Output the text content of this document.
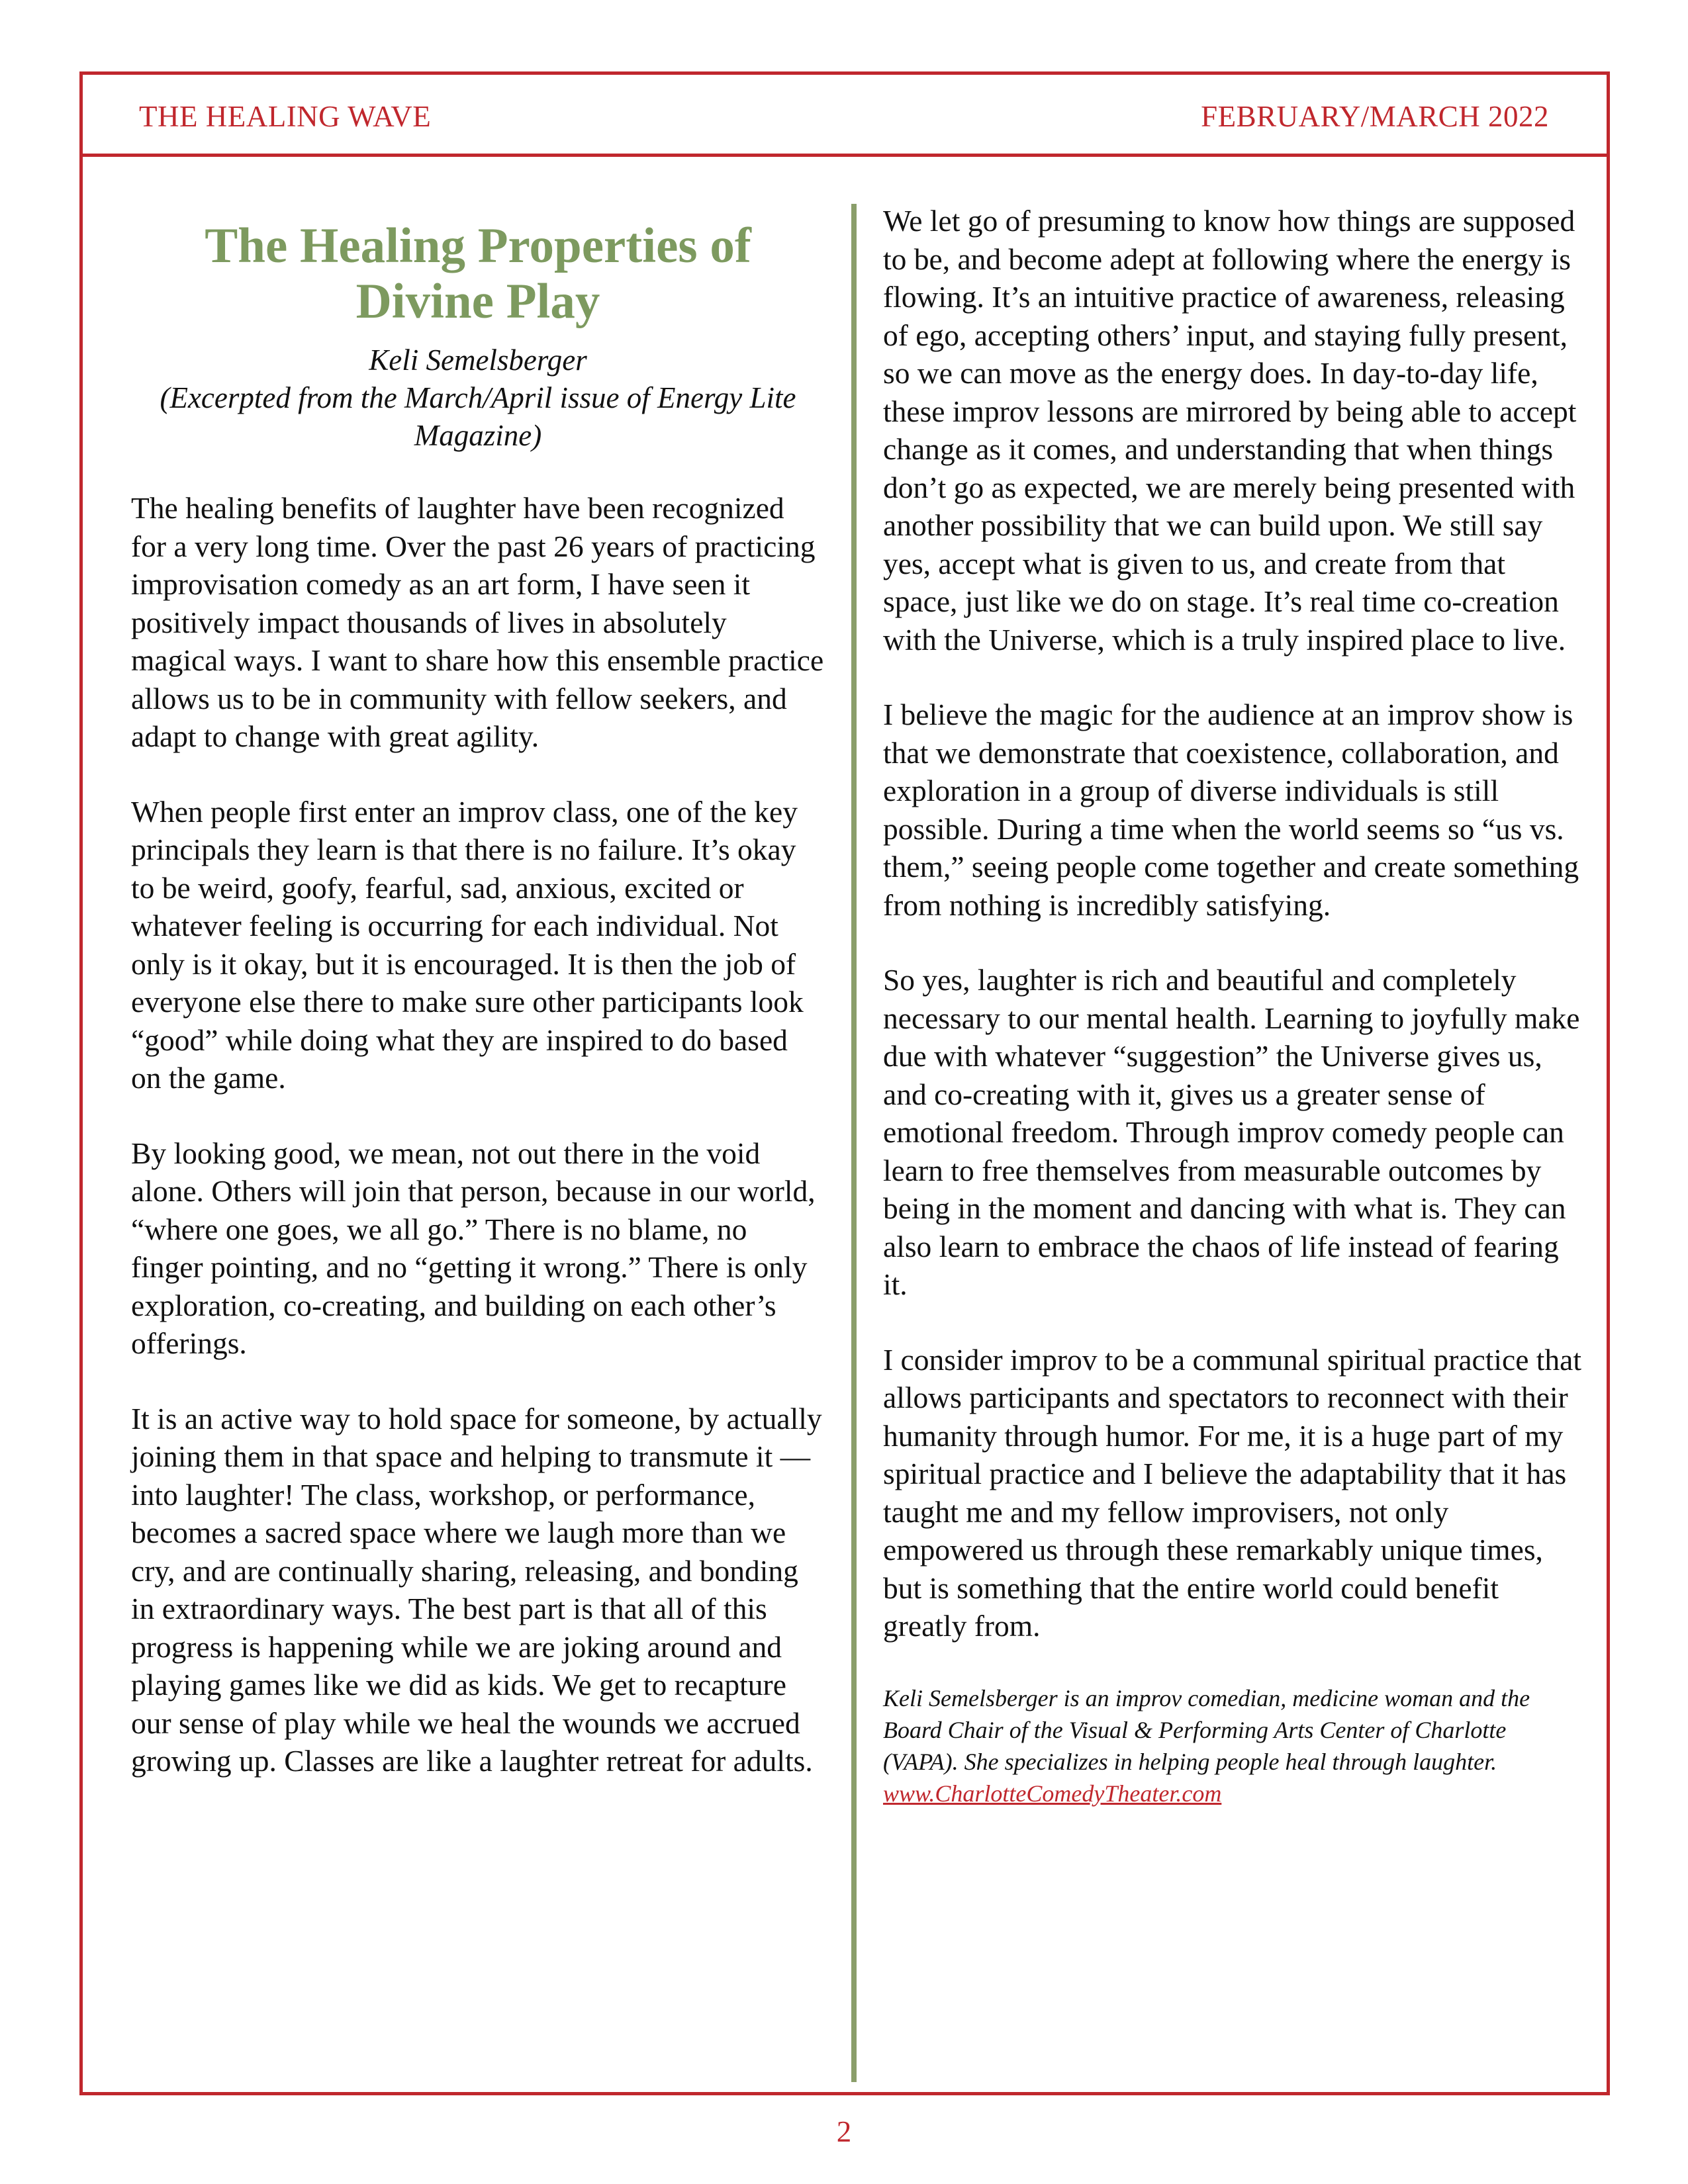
THE HEALING WAVE	FEBRUARY/MARCH 2022
The Healing Properties of Divine Play

Keli Semelsberger

(Excerpted from the March/April issue of Energy Lite Magazine)

The healing benefits of laughter have been recognized for a very long time. Over the past 26 years of practicing improvisation comedy as an art form, I have seen it positively impact thousands of lives in absolutely magical ways. I want to share how this ensemble practice allows us to be in community with fellow seekers, and adapt to change with great agility.

When people first enter an improv class, one of the key principals they learn is that there is no failure. It’s okay to be weird, goofy, fearful, sad, anxious, excited or whatever feeling is occurring for each individual. Not only is it okay, but it is encouraged. It is then the job of everyone else there to make sure other participants look “good” while doing what they are inspired to do based on the game.

By looking good, we mean, not out there in the void alone. Others will join that person, because in our world, “where one goes, we all go.” There is no blame, no finger pointing, and no “getting it wrong.” There is only exploration, co-creating, and building on each other’s offerings.

It is an active way to hold space for someone, by actually joining them in that space and helping to transmute it — into laughter! The class, workshop, or performance, becomes a sacred space where we laugh more than we cry, and are continually sharing, releasing, and bonding in extraordinary ways. The best part is that all of this progress is happening while we are joking around and playing games like we did as kids. We get to recapture our sense of play while we heal the wounds we accrued growing up. Classes are like a laughter retreat for adults.

We let go of presuming to know how things are supposed to be, and become adept at following where the energy is flowing. It’s an intuitive practice of awareness, releasing of ego, accepting others’ input, and staying fully present, so we can move as the energy does. In day-to-day life, these improv lessons are mirrored by being able to accept change as it comes, and understanding that when things don’t go as expected, we are merely being presented with another possibility that we can build upon. We still say yes, accept what is given to us, and create from that space, just like we do on stage. It’s real time co-creation with the Universe, which is a truly inspired place to live.

I believe the magic for the audience at an improv show is that we demonstrate that coexistence, collaboration, and exploration in a group of diverse individuals is still possible. During a time when the world seems so “us vs. them,” seeing people come together and create something from nothing is incredibly satisfying.

So yes, laughter is rich and beautiful and completely necessary to our mental health. Learning to joyfully make due with whatever “suggestion” the Universe gives us, and co-creating with it, gives us a greater sense of emotional freedom. Through improv comedy people can learn to free themselves from measurable outcomes by being in the moment and dancing with what is. They can also learn to embrace the chaos of life instead of fearing it.

I consider improv to be a communal spiritual practice that allows participants and spectators to reconnect with their humanity through humor. For me, it is a huge part of my spiritual practice and I believe the adaptability that it has taught me and my fellow improvisers, not only empowered us through these remarkably unique times, but is something that the entire world could benefit greatly from.

Keli Semelsberger is an improv comedian, medicine woman and the Board Chair of the Visual & Performing Arts Center of Charlotte (VAPA). She specializes in helping people heal through laughter. www.CharlotteComedyTheater.com

2
